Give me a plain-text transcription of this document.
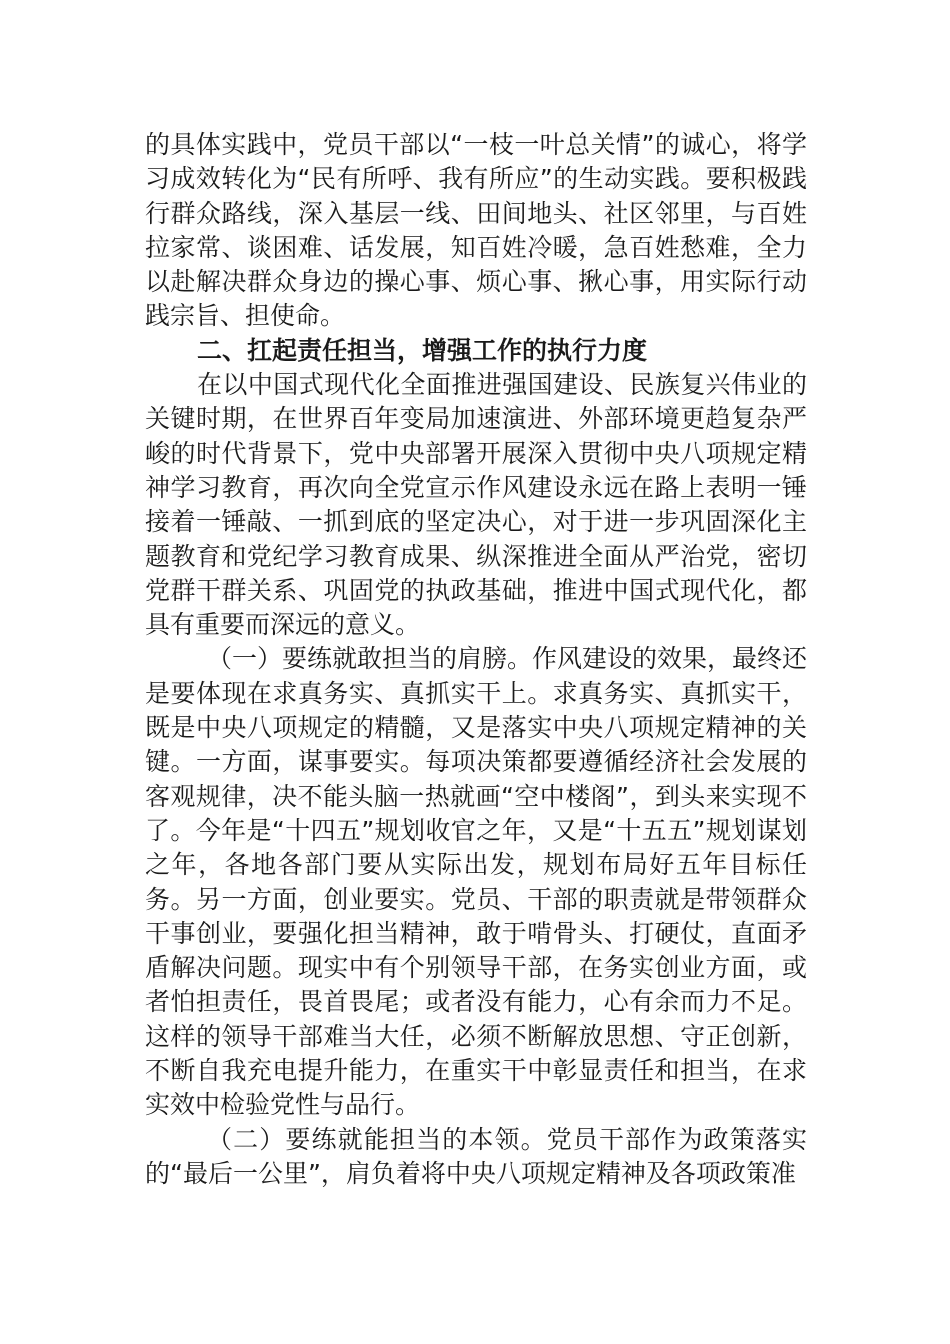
的具体实践中，党员干部以“一枝一叶总关情”的诚心，将学习成效转化为“民有所呼、我有所应”的生动实践。要积极践行群众路线，深入基层一线、田间地头、社区邻里，与百姓拉家常、谈困难、话发展，知百姓冷暖，急百姓愁难，全力以赴解决群众身边的操心事、烦心事、揪心事，用实际行动践宗旨、担使命。

二、扛起责任担当，增强工作的执行力度

在以中国式现代化全面推进强国建设、民族复兴伟业的关键时期，在世界百年变局加速演进、外部环境更趋复杂严峻的时代背景下，党中央部署开展深入贯彻中央八项规定精神学习教育，再次向全党宣示作风建设永远在路上表明一锤接着一锤敲、一抓到底的坚定决心，对于进一步巩固深化主题教育和党纪学习教育成果、纵深推进全面从严治党，密切党群干群关系、巩固党的执政基础，推进中国式现代化，都具有重要而深远的意义。

（一）要练就敢担当的肩膀。作风建设的效果，最终还是要体现在求真务实、真抓实干上。求真务实、真抓实干，既是中央八项规定的精髓，又是落实中央八项规定精神的关键。一方面，谋事要实。每项决策都要遵循经济社会发展的客观规律，决不能头脑一热就画“空中楼阁”，到头来实现不了。今年是“十四五”规划收官之年，又是“十五五”规划谋划之年，各地各部门要从实际出发，规划布局好五年目标任务。另一方面，创业要实。党员、干部的职责就是带领群众干事创业，要强化担当精神，敢于啃骨头、打硬仗，直面矛盾解决问题。现实中有个别领导干部，在务实创业方面，或者怕担责任，畏首畏尾；或者没有能力，心有余而力不足。这样的领导干部难当大任，必须不断解放思想、守正创新，不断自我充电提升能力，在重实干中彰显责任和担当，在求实效中检验党性与品行。

（二）要练就能担当的本领。党员干部作为政策落实的“最后一公里”，肩负着将中央八项规定精神及各项政策准
